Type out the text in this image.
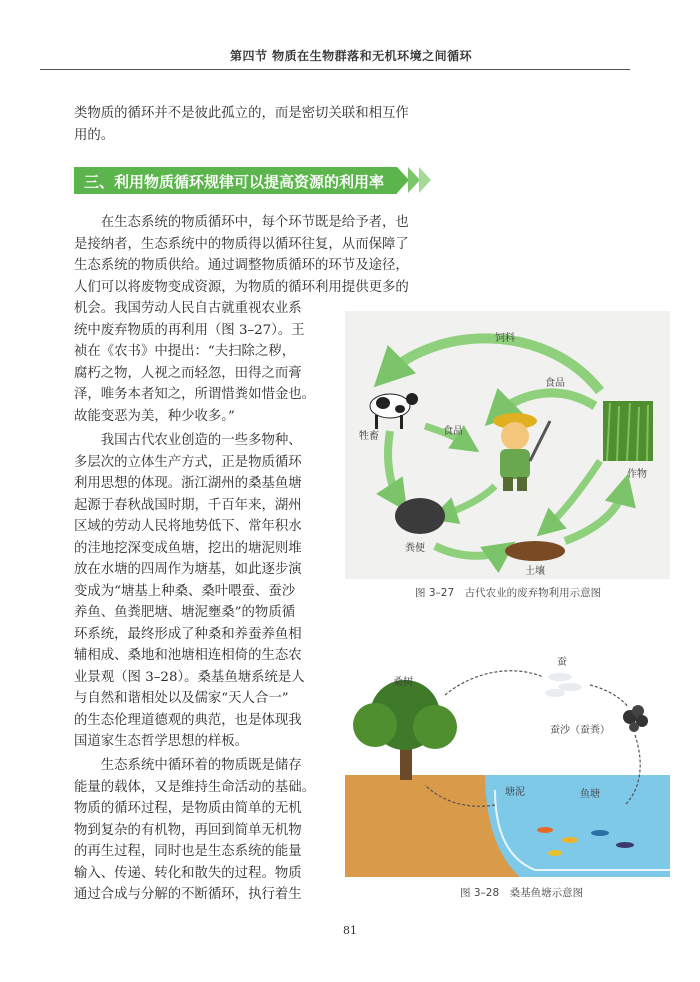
第四节 物质在生物群落和无机环境之间循环

类物质的循环并不是彼此孤立的，而是密切关联和相互作
用的。

三、利用物质循环规律可以提高资源的利用率

　　在生态系统的物质循环中，每个环节既是给予者，也
是接纳者，生态系统中的物质得以循环往复，从而保障了
生态系统的物质供给。通过调整物质循环的环节及途径，
人们可以将废物变成资源，为物质的循环利用提供更多的
机会。我国劳动人民自古就重视农业系
统中废弃物质的再利用（图 3–27）。王
祯在《农书》中提出：“夫扫除之秽，
腐朽之物，人视之而轻忽，田得之而膏
泽，唯务本者知之，所谓惜粪如惜金也。
故能变恶为美，种少收多。”

　　我国古代农业创造的一些多物种、
多层次的立体生产方式，正是物质循环
利用思想的体现。浙江湖州的桑基鱼塘
起源于春秋战国时期，千百年来，湖州
区域的劳动人民将地势低下、常年积水
的洼地挖深变成鱼塘，挖出的塘泥则堆
放在水塘的四周作为塘基，如此逐步演
变成为“塘基上种桑、桑叶喂蚕、蚕沙
养鱼、鱼粪肥塘、塘泥壅桑”的物质循
环系统，最终形成了种桑和养蚕养鱼相
辅相成、桑地和池塘相连相倚的生态农
业景观（图 3–28）。桑基鱼塘系统是人
与自然和谐相处以及儒家“天人合一”
的生态伦理道德观的典范，也是体现我
国道家生态哲学思想的样板。

　　生态系统中循环着的物质既是储存
能量的载体，又是维持生命活动的基础。
物质的循环过程，是物质由简单的无机
物到复杂的有机物，再回到简单无机物
的再生过程，同时也是生态系统的能量
输入、传递、转化和散失的过程。物质
通过合成与分解的不断循环，执行着生

饲料
食品
食品
牲畜
作物
粪便
土壤
图 3–27　古代农业的废弃物利用示意图
蚕
桑树
蚕沙（蚕粪）
塘泥	鱼塘
图 3–28　桑基鱼塘示意图
81
